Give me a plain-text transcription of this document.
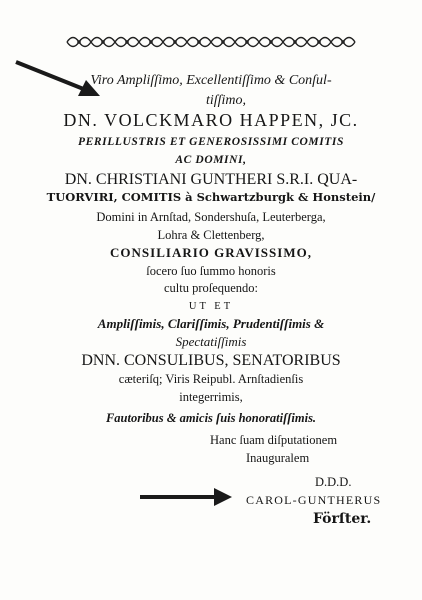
Viro Ampliſſimo, Excellentiſſimo & Conſul-
tiſſimo,
DN. VOLCKMARO HAPPEN, JC.
PERILLUSTRIS ET GENEROSISSIMI COMITIS
AC DOMINI,
DN. CHRISTIANI GUNTHERI S.R.I. QUA-
TUORVIRI, COMITIS à Schwartzburgk & Honstein/
Domini in Arnſtad, Sondershuſa, Leuterberga,
Lohra & Clettenberg,
CONSILIARIO GRAVISSIMO,
ſocero ſuo ſummo honoris
cultu proſequendo:
UT ET
Ampliſſimis, Clariſſimis, Prudentiſſimis &
Spectatiſſimis
DNN. CONSULIBUS, SENATORIBUS
cæteriſq; Viris Reipubl. Arnſtadienſis
integerrimis,
Fautoribus & amicis ſuis honoratiſſimis.
Hanc ſuam diſputationem
Inauguralem
D.D.D.
CAROL-GUNTHERUS
Förſter.
